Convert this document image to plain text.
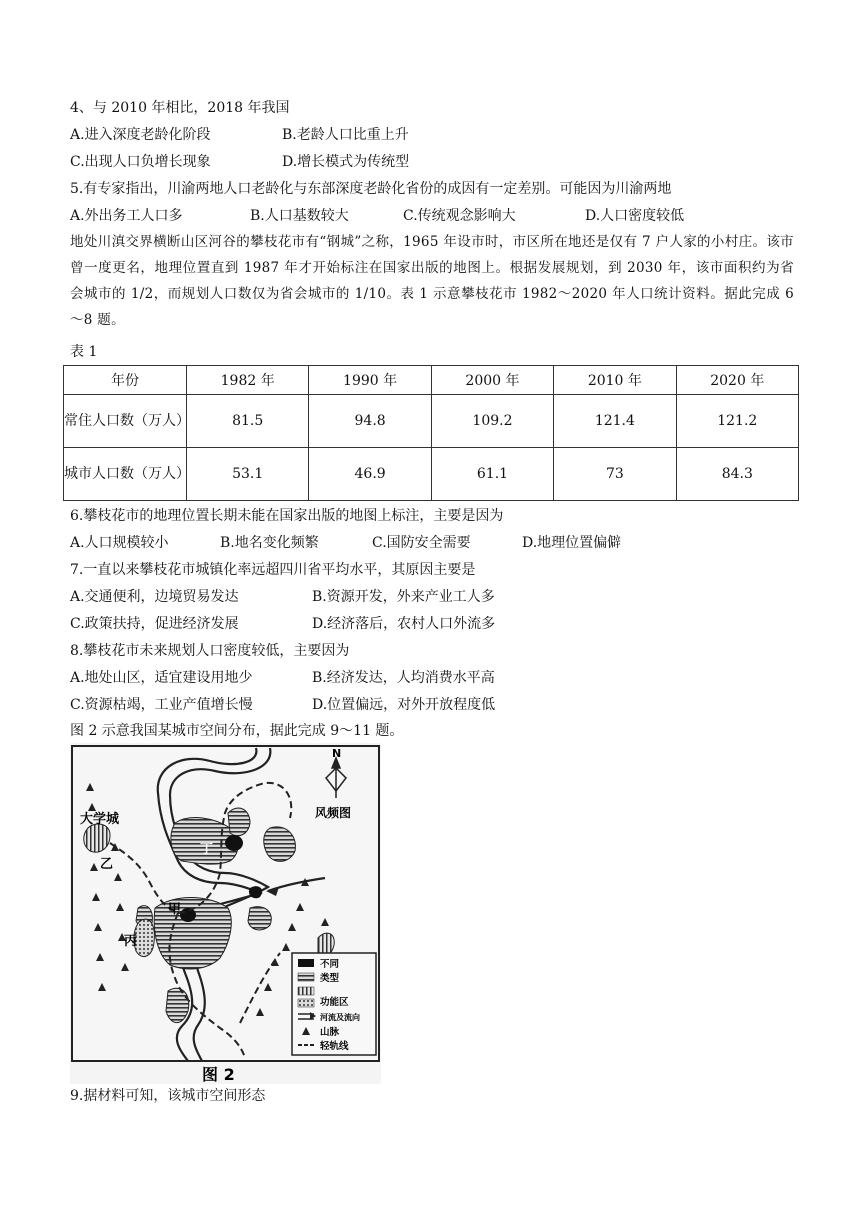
4、与 2010 年相比，2018 年我国
A.进入深度老龄化阶段	B.老龄人口比重上升
C.出现人口负增长现象	D.增长模式为传统型
5.有专家指出，川渝两地人口老龄化与东部深度老龄化省份的成因有一定差别。可能因为川渝两地
A.外出务工人口多	B.人口基数较大	C.传统观念影响大	D.人口密度较低
地处川滇交界横断山区河谷的攀枝花市有“钢城”之称，1965 年设市时，市区所在地还是仅有 7 户人家的小村庄。该市曾一度更名，地理位置直到 1987 年才开始标注在国家出版的地图上。根据发展规划，到 2030 年，该市面积约为省会城市的 1/2，而规划人口数仅为省会城市的 1/10。表 1 示意攀枝花市 1982～2020 年人口统计资料。据此完成 6～8 题。
表 1
年份	1982 年	1990 年	2000 年	2010 年	2020 年
常住人口数（万人）	81.5	94.8	109.2	121.4	121.2
城市人口数（万人）	53.1	46.9	61.1	73	84.3
6.攀枝花市的地理位置长期未能在国家出版的地图上标注，主要是因为
A.人口规模较小	B.地名变化频繁	C.国防安全需要	D.地理位置偏僻
7.一直以来攀枝花市城镇化率远超四川省平均水平，其原因主要是
A.交通便利，边境贸易发达	B.资源开发，外来产业工人多
C.政策扶持，促进经济发展	D.经济落后，农村人口外流多
8.攀枝花市未来规划人口密度较低，主要因为
A.地处山区，适宜建设用地少	B.经济发达，人均消费水平高
C.资源枯竭，工业产值增长慢	D.位置偏远，对外开放程度低
图 2 示意我国某城市空间分布，据此完成 9～11 题。
N
风频图
大学城
乙
丁
甲
丙
不同
类型
功能区
河流及流向
山脉
轻轨线
图 2
9.据材料可知，该城市空间形态
